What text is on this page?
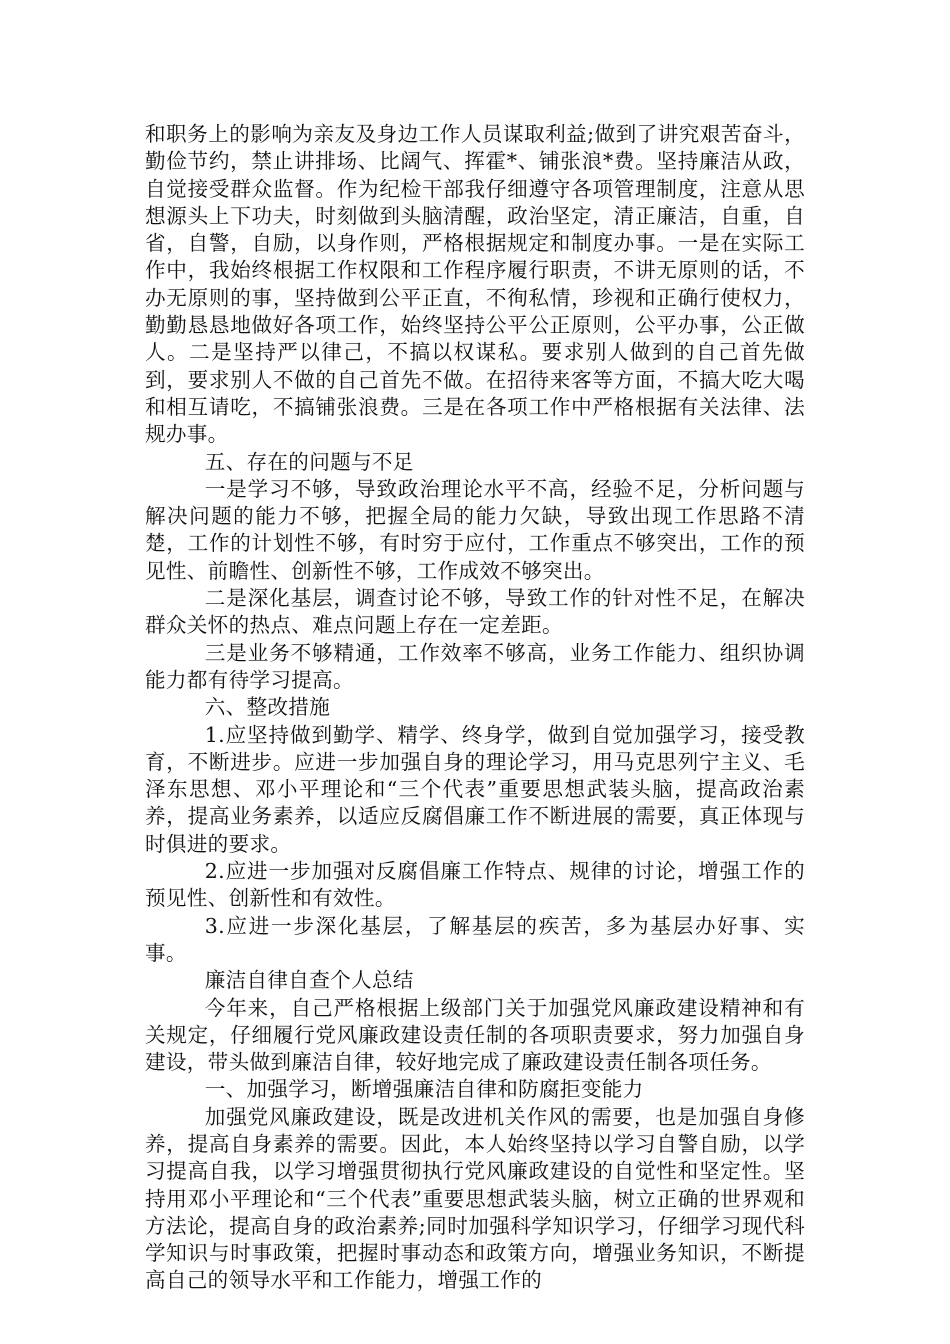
和职务上的影响为亲友及身边工作人员谋取利益;做到了讲究艰苦奋斗，勤俭节约，禁止讲排场、比阔气、挥霍*、铺张浪*费。坚持廉洁从政，自觉接受群众监督。作为纪检干部我仔细遵守各项管理制度，注意从思想源头上下功夫，时刻做到头脑清醒，政治坚定，清正廉洁，自重，自省，自警，自励，以身作则，严格根据规定和制度办事。一是在实际工作中，我始终根据工作权限和工作程序履行职责，不讲无原则的话，不办无原则的事，坚持做到公平正直，不徇私情，珍视和正确行使权力，勤勤恳恳地做好各项工作，始终坚持公平公正原则，公平办事，公正做人。二是坚持严以律己，不搞以权谋私。要求别人做到的自己首先做到，要求别人不做的自己首先不做。在招待来客等方面，不搞大吃大喝和相互请吃，不搞铺张浪费。三是在各项工作中严格根据有关法律、法规办事。

五、存在的问题与不足

一是学习不够，导致政治理论水平不高，经验不足，分析问题与解决问题的能力不够，把握全局的能力欠缺，导致出现工作思路不清楚，工作的计划性不够，有时穷于应付，工作重点不够突出，工作的预见性、前瞻性、创新性不够，工作成效不够突出。

二是深化基层，调查讨论不够，导致工作的针对性不足，在解决群众关怀的热点、难点问题上存在一定差距。

三是业务不够精通，工作效率不够高，业务工作能力、组织协调能力都有待学习提高。

六、整改措施

1.应坚持做到勤学、精学、终身学，做到自觉加强学习，接受教育，不断进步。应进一步加强自身的理论学习，用马克思列宁主义、毛泽东思想、邓小平理论和“三个代表”重要思想武装头脑，提高政治素养，提高业务素养，以适应反腐倡廉工作不断进展的需要，真正体现与时俱进的要求。

2.应进一步加强对反腐倡廉工作特点、规律的讨论，增强工作的预见性、创新性和有效性。

3.应进一步深化基层，了解基层的疾苦，多为基层办好事、实事。

廉洁自律自查个人总结

今年来，自己严格根据上级部门关于加强党风廉政建设精神和有关规定，仔细履行党风廉政建设责任制的各项职责要求，努力加强自身建设，带头做到廉洁自律，较好地完成了廉政建设责任制各项任务。

一、加强学习，断增强廉洁自律和防腐拒变能力

加强党风廉政建设，既是改进机关作风的需要，也是加强自身修养，提高自身素养的需要。因此，本人始终坚持以学习自警自励，以学习提高自我，以学习增强贯彻执行党风廉政建设的自觉性和坚定性。坚持用邓小平理论和“三个代表”重要思想武装头脑，树立正确的世界观和方法论，提高自身的政治素养;同时加强科学知识学习，仔细学习现代科学知识与时事政策，把握时事动态和政策方向，增强业务知识，不断提高自己的领导水平和工作能力，增强工作的
